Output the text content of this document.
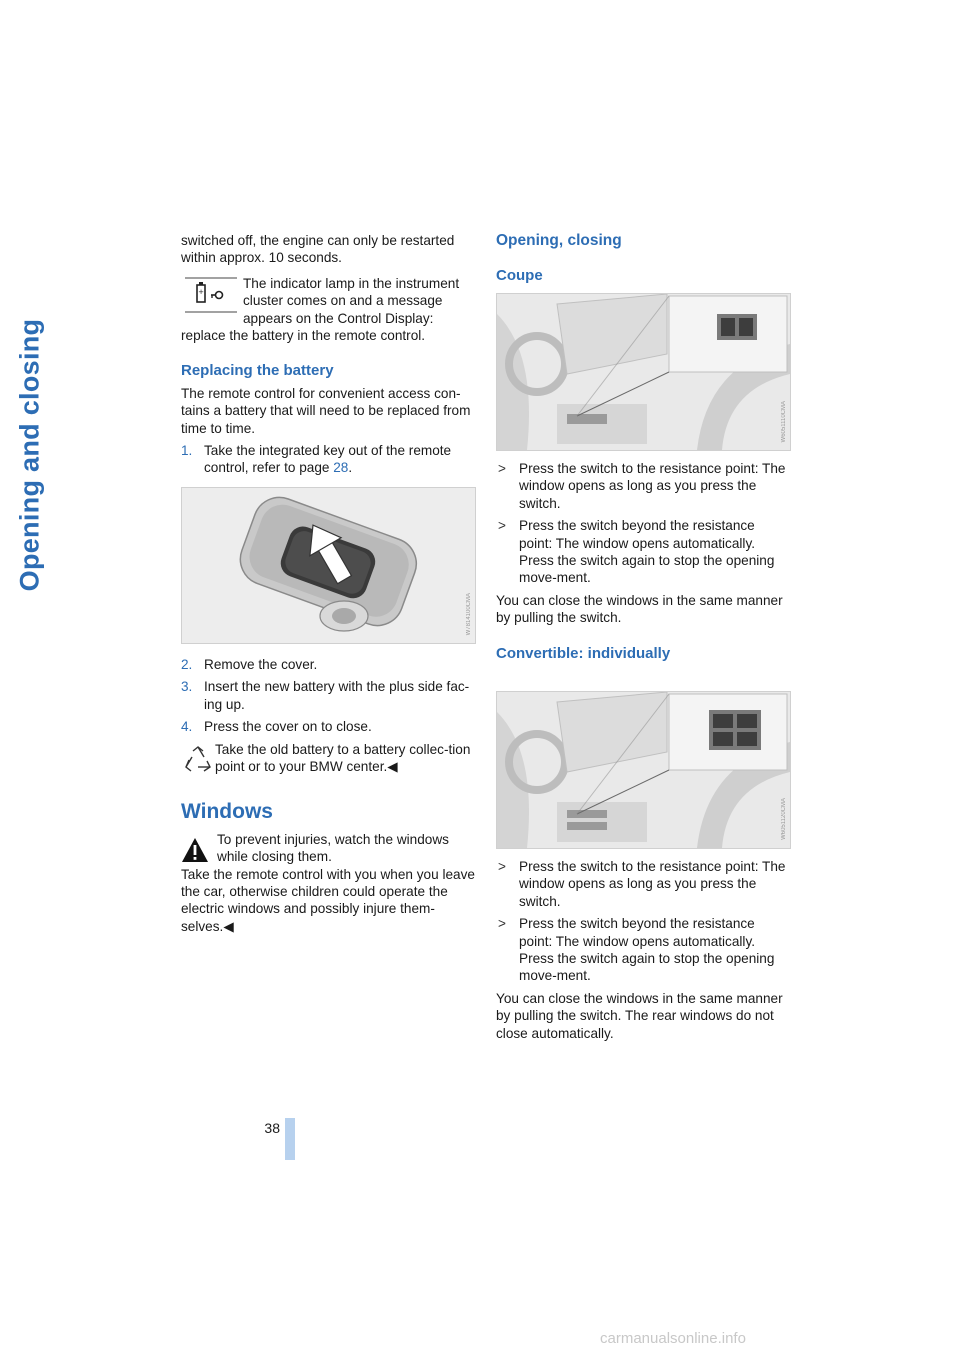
Opening and closing

switched off, the engine can only be restarted within approx. 10 seconds.

+
The indicator lamp in the instrument cluster comes on and a message appears on the Control Display:
replace the battery in the remote control.
Replacing the battery

The remote control for convenient access con-tains a battery that will need to be replaced from time to time.

1. Take the integrated key out of the remote control, refer to page 28.
W7814100CMA
2. Remove the cover.
3. Insert the new battery with the plus side fac-ing up.
4. Press the cover on to close.
Take the old battery to a battery collec-tion point or to your BMW center.◀
Windows
To prevent injuries, watch the windows while closing them.
Take the remote control with you when you leave the car, otherwise children could operate the electric windows and possibly injure them-selves.◀
Opening, closing
Coupe
W6051110CMA
> Press the switch to the resistance point: The window opens as long as you press the switch.
> Press the switch beyond the resistance point: The window opens automatically. Press the switch again to stop the opening move-ment.

You can close the windows in the same manner by pulling the switch.

Convertible: individually
W6051120CMA
> Press the switch to the resistance point: The window opens as long as you press the switch.
> Press the switch beyond the resistance point: The window opens automatically. Press the switch again to stop the opening move-ment.

You can close the windows in the same manner by pulling the switch. The rear windows do not close automatically.

38
carmanualsonline.info
